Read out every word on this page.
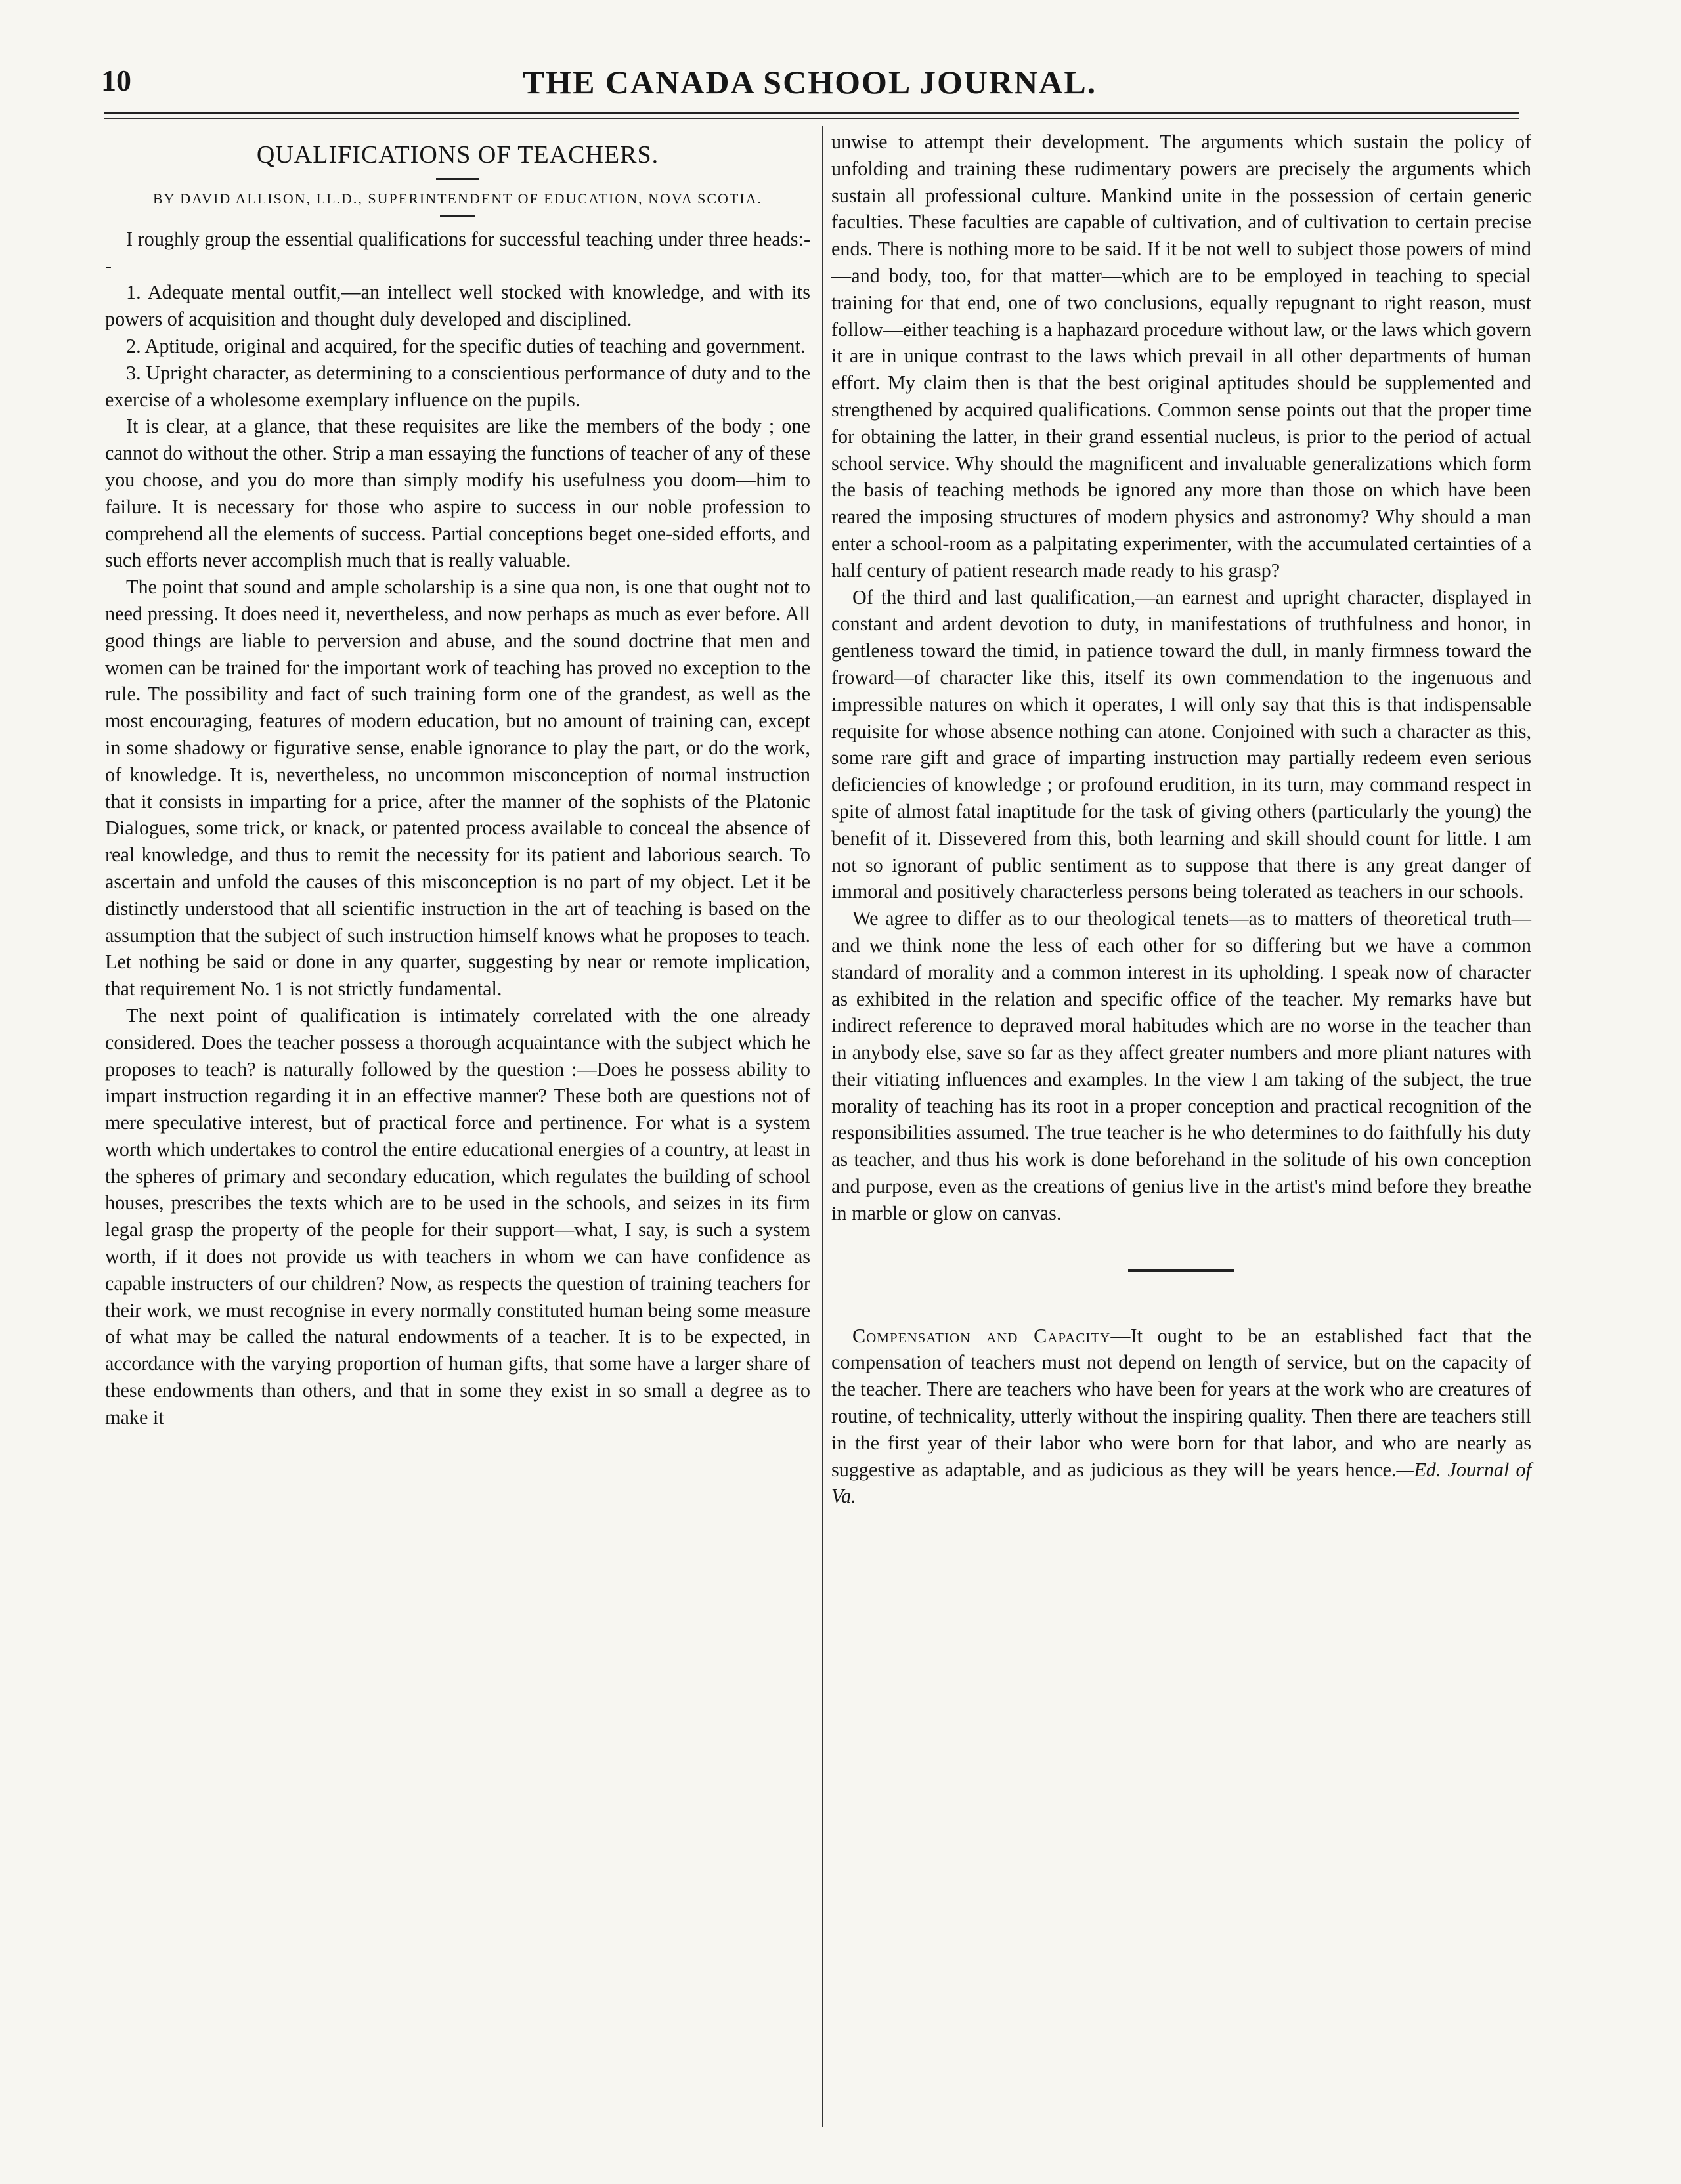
10	THE CANADA SCHOOL JOURNAL.
QUALIFICATIONS OF TEACHERS.
BY DAVID ALLISON, LL.D., SUPERINTENDENT OF EDUCATION, NOVA SCOTIA.

I roughly group the essential qualifications for successful teaching under three heads:--

1. Adequate mental outfit,—an intellect well stocked with knowledge, and with its powers of acquisition and thought duly developed and disciplined.

2. Aptitude, original and acquired, for the specific duties of teaching and government.

3. Upright character, as determining to a conscientious performance of duty and to the exercise of a wholesome exemplary influence on the pupils.

It is clear, at a glance, that these requisites are like the members of the body ; one cannot do without the other. Strip a man essaying the functions of teacher of any of these you choose, and you do more than simply modify his usefulness you doom—him to failure. It is necessary for those who aspire to success in our noble profession to comprehend all the elements of success. Partial conceptions beget one-sided efforts, and such efforts never accomplish much that is really valuable.

The point that sound and ample scholarship is a sine qua non, is one that ought not to need pressing. It does need it, nevertheless, and now perhaps as much as ever before. All good things are liable to perversion and abuse, and the sound doctrine that men and women can be trained for the important work of teaching has proved no exception to the rule. The possibility and fact of such training form one of the grandest, as well as the most encouraging, features of modern education, but no amount of training can, except in some shadowy or figurative sense, enable ignorance to play the part, or do the work, of knowledge. It is, nevertheless, no uncommon misconception of normal instruction that it consists in imparting for a price, after the manner of the sophists of the Platonic Dialogues, some trick, or knack, or patented process available to conceal the absence of real knowledge, and thus to remit the necessity for its patient and laborious search. To ascertain and unfold the causes of this misconception is no part of my object. Let it be distinctly understood that all scientific instruction in the art of teaching is based on the assumption that the subject of such instruction himself knows what he proposes to teach. Let nothing be said or done in any quarter, suggesting by near or remote implication, that requirement No. 1 is not strictly fundamental.

The next point of qualification is intimately correlated with the one already considered. Does the teacher possess a thorough acquaintance with the subject which he proposes to teach? is naturally followed by the question :—Does he possess ability to impart instruction regarding it in an effective manner? These both are questions not of mere speculative interest, but of practical force and pertinence. For what is a system worth which undertakes to control the entire educational energies of a country, at least in the spheres of primary and secondary education, which regulates the building of school houses, prescribes the texts which are to be used in the schools, and seizes in its firm legal grasp the property of the people for their support—what, I say, is such a system worth, if it does not provide us with teachers in whom we can have confidence as capable instructers of our children? Now, as respects the question of training teachers for their work, we must recognise in every normally constituted human being some measure of what may be called the natural endowments of a teacher. It is to be expected, in accordance with the varying proportion of human gifts, that some have a larger share of these endowments than others, and that in some they exist in so small a degree as to make it

unwise to attempt their development. The arguments which sustain the policy of unfolding and training these rudimentary powers are precisely the arguments which sustain all professional culture. Mankind unite in the possession of certain generic faculties. These faculties are capable of cultivation, and of cultivation to certain precise ends. There is nothing more to be said. If it be not well to subject those powers of mind—and body, too, for that matter—which are to be employed in teaching to special training for that end, one of two conclusions, equally repugnant to right reason, must follow—either teaching is a haphazard procedure without law, or the laws which govern it are in unique contrast to the laws which prevail in all other departments of human effort. My claim then is that the best original aptitudes should be supplemented and strengthened by acquired qualifications. Common sense points out that the proper time for obtaining the latter, in their grand essential nucleus, is prior to the period of actual school service. Why should the magnificent and invaluable generalizations which form the basis of teaching methods be ignored any more than those on which have been reared the imposing structures of modern physics and astronomy? Why should a man enter a school-room as a palpitating experimenter, with the accumulated certainties of a half century of patient research made ready to his grasp?

Of the third and last qualification,—an earnest and upright character, displayed in constant and ardent devotion to duty, in manifestations of truthfulness and honor, in gentleness toward the timid, in patience toward the dull, in manly firmness toward the froward—of character like this, itself its own commendation to the ingenuous and impressible natures on which it operates, I will only say that this is that indispensable requisite for whose absence nothing can atone. Conjoined with such a character as this, some rare gift and grace of imparting instruction may partially redeem even serious deficiencies of knowledge ; or profound erudition, in its turn, may command respect in spite of almost fatal inaptitude for the task of giving others (particularly the young) the benefit of it. Dissevered from this, both learning and skill should count for little. I am not so ignorant of public sentiment as to suppose that there is any great danger of immoral and positively characterless persons being tolerated as teachers in our schools.

We agree to differ as to our theological tenets—as to matters of theoretical truth—and we think none the less of each other for so differing but we have a common standard of morality and a common interest in its upholding. I speak now of character as exhibited in the relation and specific office of the teacher. My remarks have but indirect reference to depraved moral habitudes which are no worse in the teacher than in anybody else, save so far as they affect greater numbers and more pliant natures with their vitiating influences and examples. In the view I am taking of the subject, the true morality of teaching has its root in a proper conception and practical recognition of the responsibilities assumed. The true teacher is he who determines to do faithfully his duty as teacher, and thus his work is done beforehand in the solitude of his own conception and purpose, even as the creations of genius live in the artist's mind before they breathe in marble or glow on canvas.

Compensation and Capacity—It ought to be an established fact that the compensation of teachers must not depend on length of service, but on the capacity of the teacher. There are teachers who have been for years at the work who are creatures of routine, of technicality, utterly without the inspiring quality. Then there are teachers still in the first year of their labor who were born for that labor, and who are nearly as suggestive as adaptable, and as judicious as they will be years hence.—Ed. Journal of Va.
